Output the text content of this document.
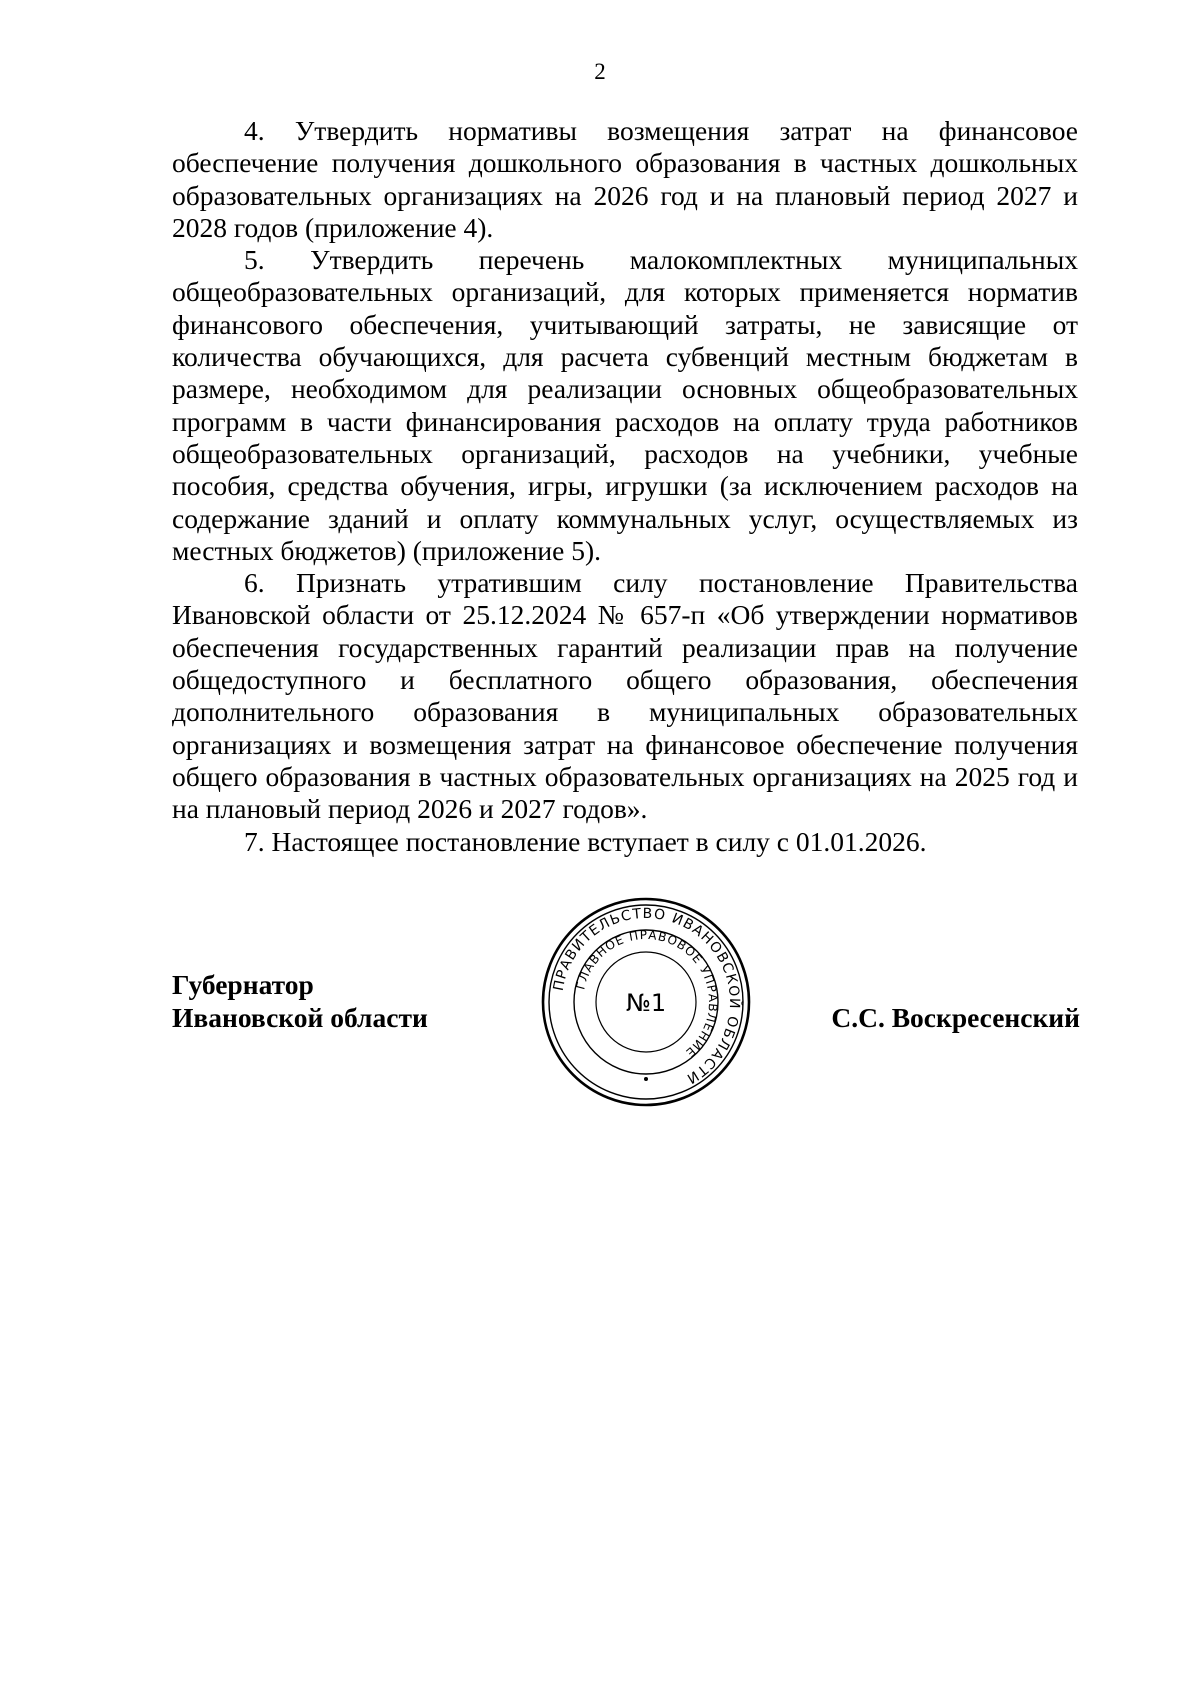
2

4. Утвердить нормативы возмещения затрат на финансовое обеспечение получения дошкольного образования в частных дошкольных образовательных организациях на 2026 год и на плановый период 2027 и 2028 годов (приложение 4).

5. Утвердить перечень малокомплектных муниципальных общеобразовательных организаций, для которых применяется норматив финансового обеспечения, учитывающий затраты, не зависящие от количества обучающихся, для расчета субвенций местным бюджетам в размере, необходимом для реализации основных общеобразовательных программ в части финансирования расходов на оплату труда работников общеобразовательных организаций, расходов на учебники, учебные пособия, средства обучения, игры, игрушки (за исключением расходов на содержание зданий и оплату коммунальных услуг, осуществляемых из местных бюджетов) (приложение 5).

6. Признать утратившим силу постановление Правительства Ивановской области от 25.12.2024 № 657-п «Об утверждении нормативов обеспечения государственных гарантий реализации прав на получение общедоступного и бесплатного общего образования, обеспечения дополнительного образования в муниципальных образовательных организациях и возмещения затрат на финансовое обеспечение получения общего образования в частных образовательных организациях на 2025 год и на плановый период 2026 и 2027 годов».

7. Настоящее постановление вступает в силу с 01.01.2026.

Губернатор
Ивановской области
ПРАВИТЕЛЬСТВО ИВАНОВСКОЙ ОБЛАСТИ
ГЛАВНОЕ ПРАВОВОЕ УПРАВЛЕНИЕ
№1	С.С. Воскресенский
